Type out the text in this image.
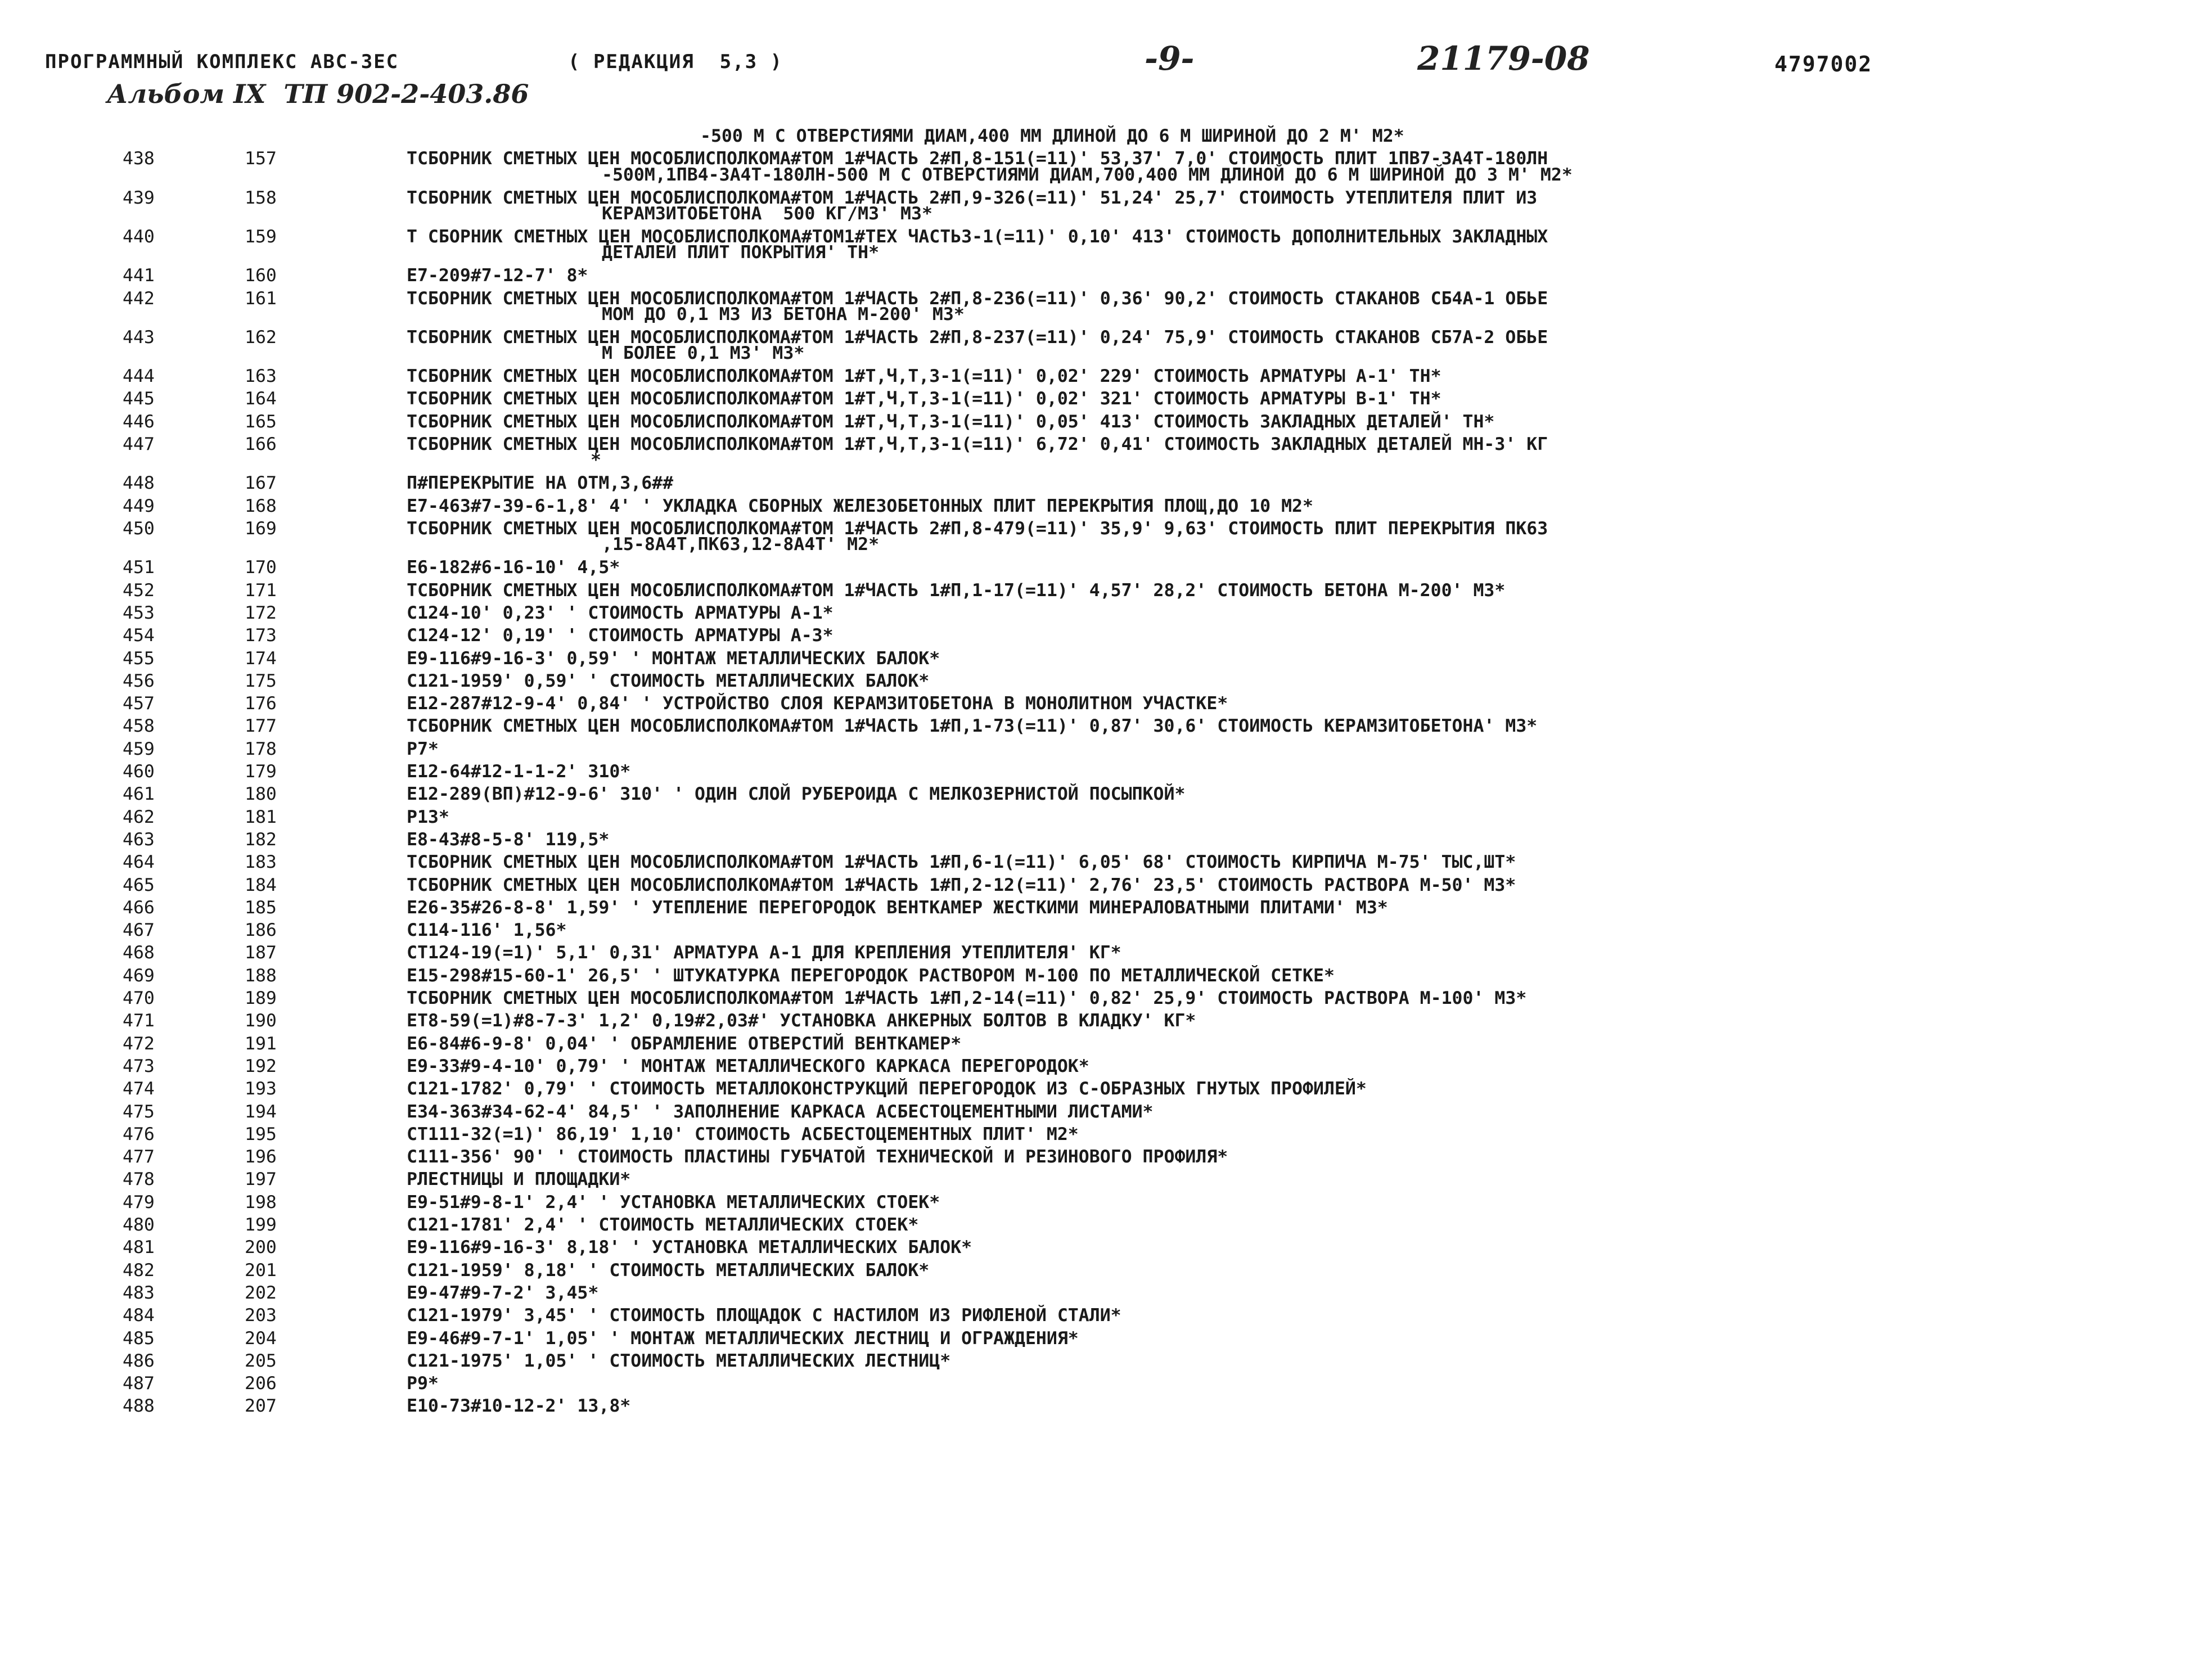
ПРОГРАММНЫЙ КОМПЛЕКС АВС-3ЕС	( РЕДАКЦИЯ  5,3 )	-9-	21179-08	4797002
Альбом IX  ТП 902-2-403.86
-500 М С ОТВЕРСТИЯМИ ДИАМ,400 ММ ДЛИНОЙ ДО 6 М ШИРИНОЙ ДО 2 М' М2*
438	157	ТСБОРНИК СМЕТНЫХ ЦЕН МОСОБЛИСПОЛКОМА#ТОМ 1#ЧАСТЬ 2#П,8-151(=11)' 53,37' 7,0' СТОИМОСТЬ ПЛИТ 1ПВ7-3А4Т-180ЛН
-500М,1ПВ4-3А4Т-180ЛН-500 М С ОТВЕРСТИЯМИ ДИАМ,700,400 ММ ДЛИНОЙ ДО 6 М ШИРИНОЙ ДО 3 М' М2*
439	158	ТСБОРНИК СМЕТНЫХ ЦЕН МОСОБЛИСПОЛКОМА#ТОМ 1#ЧАСТЬ 2#П,9-326(=11)' 51,24' 25,7' СТОИМОСТЬ УТЕПЛИТЕЛЯ ПЛИТ ИЗ
КЕРАМЗИТОБЕТОНА  500 КГ/М3' М3*
440	159	Т СБОРНИК СМЕТНЫХ ЦЕН МОСОБЛИСПОЛКОМА#ТОМ1#ТЕХ ЧАСТЬ3-1(=11)' 0,10' 413' СТОИМОСТЬ ДОПОЛНИТЕЛЬНЫХ ЗАКЛАДНЫХ
ДЕТАЛЕЙ ПЛИТ ПОКРЫТИЯ' ТН*
441	160	Е7-209#7-12-7' 8*
442	161	ТСБОРНИК СМЕТНЫХ ЦЕН МОСОБЛИСПОЛКОМА#ТОМ 1#ЧАСТЬ 2#П,8-236(=11)' 0,36' 90,2' СТОИМОСТЬ СТАКАНОВ СБ4А-1 ОБЬЕ
МОМ ДО 0,1 М3 ИЗ БЕТОНА М-200' М3*
443	162	ТСБОРНИК СМЕТНЫХ ЦЕН МОСОБЛИСПОЛКОМА#ТОМ 1#ЧАСТЬ 2#П,8-237(=11)' 0,24' 75,9' СТОИМОСТЬ СТАКАНОВ СБ7А-2 ОБЬЕ
М БОЛЕЕ 0,1 М3' М3*
444	163	ТСБОРНИК СМЕТНЫХ ЦЕН МОСОБЛИСПОЛКОМА#ТОМ 1#Т,Ч,Т,3-1(=11)' 0,02' 229' СТОИМОСТЬ АРМАТУРЫ А-1' ТН*
445	164	ТСБОРНИК СМЕТНЫХ ЦЕН МОСОБЛИСПОЛКОМА#ТОМ 1#Т,Ч,Т,3-1(=11)' 0,02' 321' СТОИМОСТЬ АРМАТУРЫ В-1' ТН*
446	165	ТСБОРНИК СМЕТНЫХ ЦЕН МОСОБЛИСПОЛКОМА#ТОМ 1#Т,Ч,Т,3-1(=11)' 0,05' 413' СТОИМОСТЬ ЗАКЛАДНЫХ ДЕТАЛЕЙ' ТН*
447	166	ТСБОРНИК СМЕТНЫХ ЦЕН МОСОБЛИСПОЛКОМА#ТОМ 1#Т,Ч,Т,3-1(=11)' 6,72' 0,41' СТОИМОСТЬ ЗАКЛАДНЫХ ДЕТАЛЕЙ МН-3' КГ
*
448	167	П#ПЕРЕКРЫТИЕ НА ОТМ,3,6##
449	168	Е7-463#7-39-6-1,8' 4' ' УКЛАДКА СБОРНЫХ ЖЕЛЕЗОБЕТОННЫХ ПЛИТ ПЕРЕКРЫТИЯ ПЛОЩ,ДО 10 М2*
450	169	ТСБОРНИК СМЕТНЫХ ЦЕН МОСОБЛИСПОЛКОМА#ТОМ 1#ЧАСТЬ 2#П,8-479(=11)' 35,9' 9,63' СТОИМОСТЬ ПЛИТ ПЕРЕКРЫТИЯ ПК63
,15-8А4Т,ПК63,12-8А4Т' М2*
451	170	Е6-182#6-16-10' 4,5*
452	171	ТСБОРНИК СМЕТНЫХ ЦЕН МОСОБЛИСПОЛКОМА#ТОМ 1#ЧАСТЬ 1#П,1-17(=11)' 4,57' 28,2' СТОИМОСТЬ БЕТОНА М-200' М3*
453	172	С124-10' 0,23' ' СТОИМОСТЬ АРМАТУРЫ А-1*
454	173	С124-12' 0,19' ' СТОИМОСТЬ АРМАТУРЫ А-3*
455	174	Е9-116#9-16-3' 0,59' ' МОНТАЖ МЕТАЛЛИЧЕСКИХ БАЛОК*
456	175	С121-1959' 0,59' ' СТОИМОСТЬ МЕТАЛЛИЧЕСКИХ БАЛОК*
457	176	Е12-287#12-9-4' 0,84' ' УСТРОЙСТВО СЛОЯ КЕРАМЗИТОБЕТОНА В МОНОЛИТНОМ УЧАСТКЕ*
458	177	ТСБОРНИК СМЕТНЫХ ЦЕН МОСОБЛИСПОЛКОМА#ТОМ 1#ЧАСТЬ 1#П,1-73(=11)' 0,87' 30,6' СТОИМОСТЬ КЕРАМЗИТОБЕТОНА' М3*
459	178	Р7*
460	179	Е12-64#12-1-1-2' 310*
461	180	Е12-289(ВП)#12-9-6' 310' ' ОДИН СЛОЙ РУБЕРОИДА С МЕЛКОЗЕРНИСТОЙ ПОСЫПКОЙ*
462	181	Р13*
463	182	Е8-43#8-5-8' 119,5*
464	183	ТСБОРНИК СМЕТНЫХ ЦЕН МОСОБЛИСПОЛКОМА#ТОМ 1#ЧАСТЬ 1#П,6-1(=11)' 6,05' 68' СТОИМОСТЬ КИРПИЧА М-75' ТЫС,ШТ*
465	184	ТСБОРНИК СМЕТНЫХ ЦЕН МОСОБЛИСПОЛКОМА#ТОМ 1#ЧАСТЬ 1#П,2-12(=11)' 2,76' 23,5' СТОИМОСТЬ РАСТВОРА М-50' М3*
466	185	Е26-35#26-8-8' 1,59' ' УТЕПЛЕНИЕ ПЕРЕГОРОДОК ВЕНТКАМЕР ЖЕСТКИМИ МИНЕРАЛОВАТНЫМИ ПЛИТАМИ' М3*
467	186	С114-116' 1,56*
468	187	СТ124-19(=1)' 5,1' 0,31' АРМАТУРА А-1 ДЛЯ КРЕПЛЕНИЯ УТЕПЛИТЕЛЯ' КГ*
469	188	Е15-298#15-60-1' 26,5' ' ШТУКАТУРКА ПЕРЕГОРОДОК РАСТВОРОМ М-100 ПО МЕТАЛЛИЧЕСКОЙ СЕТКЕ*
470	189	ТСБОРНИК СМЕТНЫХ ЦЕН МОСОБЛИСПОЛКОМА#ТОМ 1#ЧАСТЬ 1#П,2-14(=11)' 0,82' 25,9' СТОИМОСТЬ РАСТВОРА М-100' М3*
471	190	ЕТ8-59(=1)#8-7-3' 1,2' 0,19#2,03#' УСТАНОВКА АНКЕРНЫХ БОЛТОВ В КЛАДКУ' КГ*
472	191	Е6-84#6-9-8' 0,04' ' ОБРАМЛЕНИЕ ОТВЕРСТИЙ ВЕНТКАМЕР*
473	192	Е9-33#9-4-10' 0,79' ' МОНТАЖ МЕТАЛЛИЧЕСКОГО КАРКАСА ПЕРЕГОРОДОК*
474	193	С121-1782' 0,79' ' СТОИМОСТЬ МЕТАЛЛОКОНСТРУКЦИЙ ПЕРЕГОРОДОК ИЗ С-ОБРАЗНЫХ ГНУТЫХ ПРОФИЛЕЙ*
475	194	Е34-363#34-62-4' 84,5' ' ЗАПОЛНЕНИЕ КАРКАСА АСБЕСТОЦЕМЕНТНЫМИ ЛИСТАМИ*
476	195	СТ111-32(=1)' 86,19' 1,10' СТОИМОСТЬ АСБЕСТОЦЕМЕНТНЫХ ПЛИТ' М2*
477	196	С111-356' 90' ' СТОИМОСТЬ ПЛАСТИНЫ ГУБЧАТОЙ ТЕХНИЧЕСКОЙ И РЕЗИНОВОГО ПРОФИЛЯ*
478	197	РЛЕСТНИЦЫ И ПЛОЩАДКИ*
479	198	Е9-51#9-8-1' 2,4' ' УСТАНОВКА МЕТАЛЛИЧЕСКИХ СТОЕК*
480	199	С121-1781' 2,4' ' СТОИМОСТЬ МЕТАЛЛИЧЕСКИХ СТОЕК*
481	200	Е9-116#9-16-3' 8,18' ' УСТАНОВКА МЕТАЛЛИЧЕСКИХ БАЛОК*
482	201	С121-1959' 8,18' ' СТОИМОСТЬ МЕТАЛЛИЧЕСКИХ БАЛОК*
483	202	Е9-47#9-7-2' 3,45*
484	203	С121-1979' 3,45' ' СТОИМОСТЬ ПЛОЩАДОК С НАСТИЛОМ ИЗ РИФЛЕНОЙ СТАЛИ*
485	204	Е9-46#9-7-1' 1,05' ' МОНТАЖ МЕТАЛЛИЧЕСКИХ ЛЕСТНИЦ И ОГРАЖДЕНИЯ*
486	205	С121-1975' 1,05' ' СТОИМОСТЬ МЕТАЛЛИЧЕСКИХ ЛЕСТНИЦ*
487	206	Р9*
488	207	Е10-73#10-12-2' 13,8*
